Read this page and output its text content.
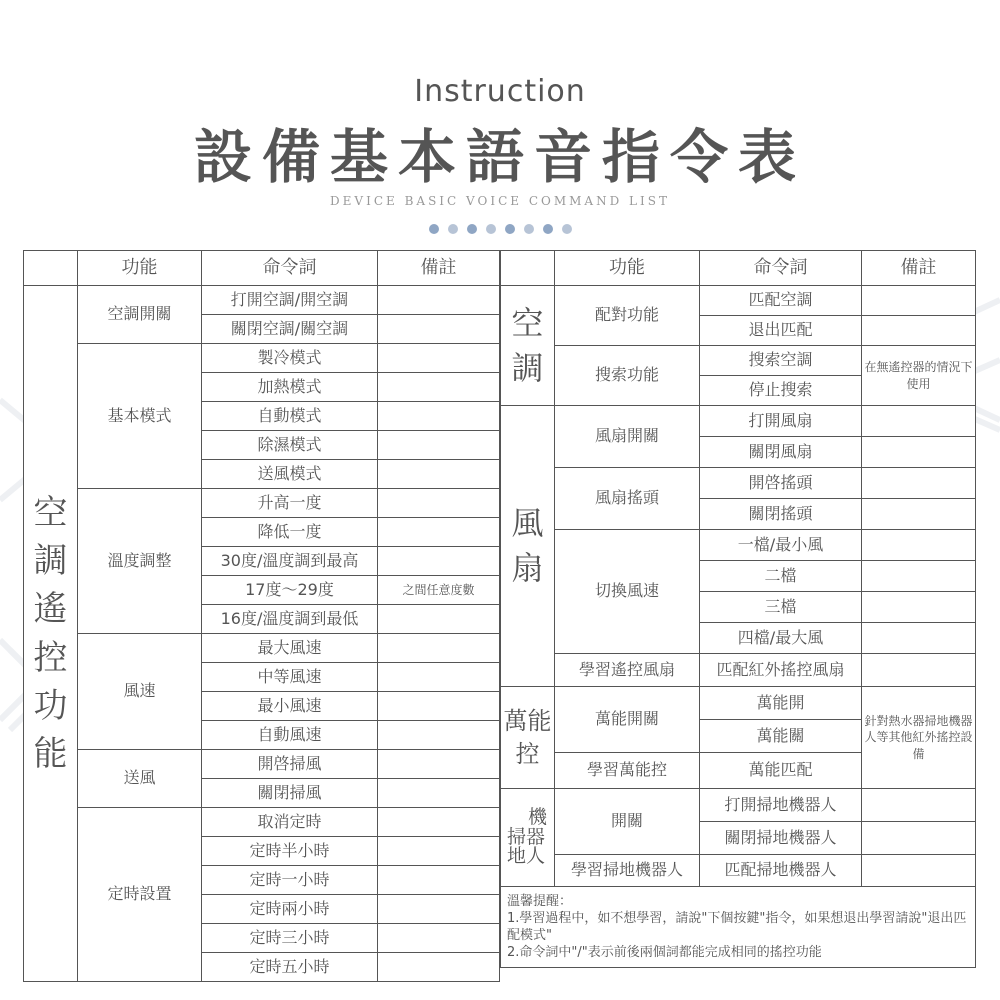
Instruction
設備基本語音指令表
DEVICE BASIC VOICE COMMAND LIST
	功能	命令詞	備註
空調遙控功能	空調開關	打開空調/開空調	
		關閉空調/關空調	
	基本模式	製冷模式	
		加熱模式	
		自動模式	
		除濕模式	
		送風模式	
	溫度調整	升高一度	
		降低一度	
		30度/溫度調到最高	
		17度～29度	之間任意度數
		16度/溫度調到最低	
	風速	最大風速	
		中等風速	
		最小風速	
		自動風速	
	送風	開啓掃風	
		關閉掃風	
	定時設置	取消定時	
		定時半小時	
		定時一小時	
		定時兩小時	
		定時三小時	
		定時五小時	
	功能	命令詞	備註
空調	配對功能	匹配空調	
		退出匹配	
	搜索功能	搜索空調	在無遙控器的情況下使用
		停止搜索	
風扇	風扇開關	打開風扇	
		關閉風扇	
	風扇搖頭	開啓搖頭	
		關閉搖頭	
	切換風速	一檔/最小風	
		二檔	
		三檔	
		四檔/最大風	
	學習遙控風扇	匹配紅外搖控風扇	
萬能控	萬能開關	萬能開	針對熱水器掃地機器人等其他紅外搖控設備
		萬能關	
	學習萬能控	萬能匹配	

機
掃器
地人	開關	打開掃地機器人	
		關閉掃地機器人	
	學習掃地機器人	匹配掃地機器人	

溫馨提醒：
1.學習過程中，如不想學習，請說"下個按鍵"指令，如果想退出學習請說"退出匹配模式"
2.命令詞中"/"表示前後兩個詞都能完成相同的搖控功能			
